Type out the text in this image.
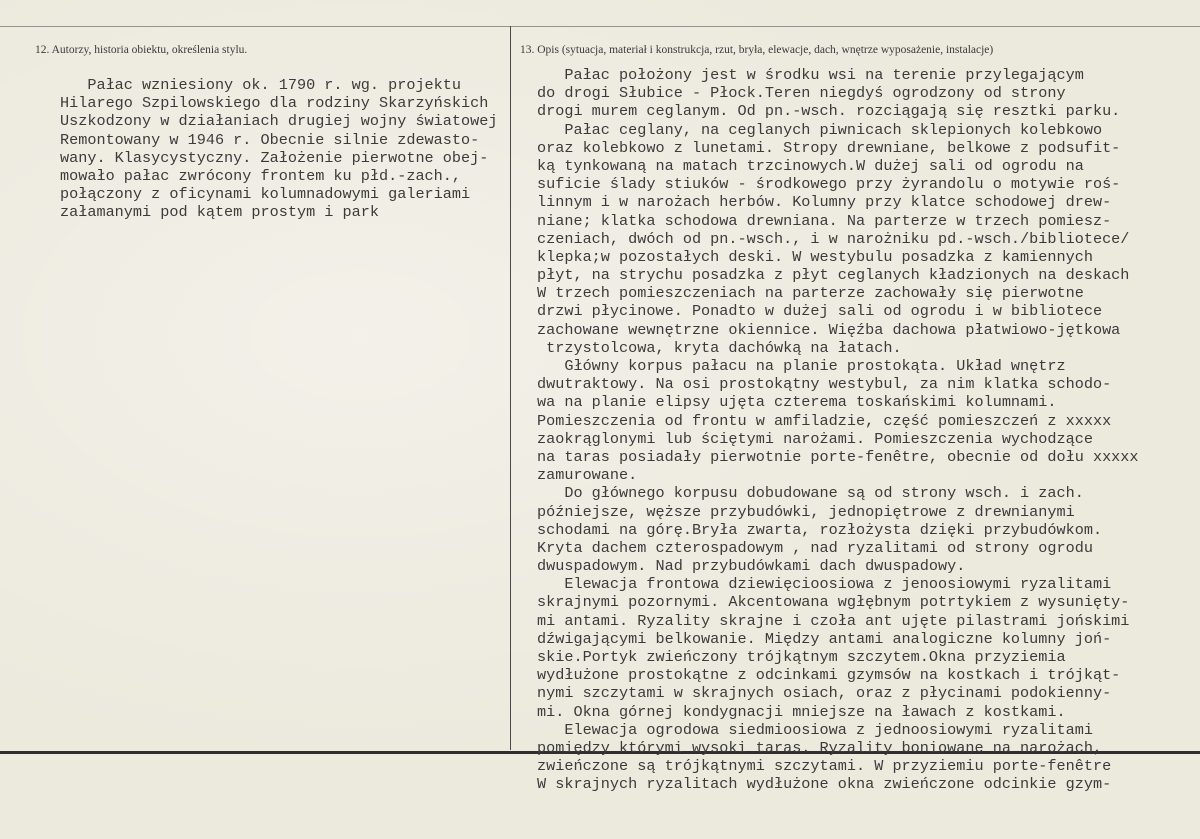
12. Autorzy, historia obiektu, określenia stylu.	13. Opis (sytuacja, materiał i konstrukcja, rzut, bryła, elewacje, dach, wnętrze wyposażenie, instalacje)
Pałac wzniesiony ok. 1790 r. wg. projektu
Hilarego Szpilowskiego dla rodziny Skarzyńskich
Uszkodzony w działaniach drugiej wojny światowej
Remontowany w 1946 r. Obecnie silnie zdewasto-
wany. Klasycystyczny. Założenie pierwotne obej-
mowało pałac zwrócony frontem ku płd.-zach.,
połączony z oficynami kolumnadowymi galeriami
załamanymi pod kątem prostym i park
Pałac położony jest w środku wsi na terenie przylegającym
do drogi Słubice - Płock.Teren niegdyś ogrodzony od strony
drogi murem ceglanym. Od pn.-wsch. rozciągają się resztki parku.
Pałac ceglany, na ceglanych piwnicach sklepionych kolebkowo
oraz kolebkowo z lunetami. Stropy drewniane, belkowe z podsufit-
ką tynkowaną na matach trzcinowych.W dużej sali od ogrodu na
suficie ślady stiuków - środkowego przy żyrandolu o motywie roś-
linnym i w narożach herbów. Kolumny przy klatce schodowej drew-
niane; klatka schodowa drewniana. Na parterze w trzech pomiesz-
czeniach, dwóch od pn.-wsch., i w narożniku pd.-wsch./bibliotece/
klepka;w pozostałych deski. W westybulu posadzka z kamiennych
płyt, na strychu posadzka z płyt ceglanych kładzionych na deskach
W trzech pomieszczeniach na parterze zachowały się pierwotne
drzwi płycinowe. Ponadto w dużej sali od ogrodu i w bibliotece
zachowane wewnętrzne okiennice. Więźba dachowa płatwiowo-jętkowa
trzystolcowa, kryta dachówką na łatach.
Główny korpus pałacu na planie prostokąta. Układ wnętrz
dwutraktowy. Na osi prostokątny westybul, za nim klatka schodo-
wa na planie elipsy ujęta czterema toskańskimi kolumnami.
Pomieszczenia od frontu w amfiladzie, część pomieszczeń z xxxxx
zaokrąglonymi lub ściętymi narożami. Pomieszczenia wychodzące
na taras posiadały pierwotnie porte-fenêtre, obecnie od dołu xxxxx
zamurowane.
Do głównego korpusu dobudowane są od strony wsch. i zach.
późniejsze, węższe przybudówki, jednopiętrowe z drewnianymi
schodami na górę.Bryła zwarta, rozłożysta dzięki przybudówkom.
Kryta dachem czterospadowym , nad ryzalitami od strony ogrodu
dwuspadowym. Nad przybudówkami dach dwuspadowy.
Elewacja frontowa dziewięcioosiowa z jenoosiowymi ryzalitami
skrajnymi pozornymi. Akcentowana wgłębnym potrtykiem z wysunięty-
mi antami. Ryzality skrajne i czoła ant ujęte pilastrami jońskimi
dźwigającymi belkowanie. Między antami analogiczne kolumny joń-
skie.Portyk zwieńczony trójkątnym szczytem.Okna przyziemia
wydłużone prostokątne z odcinkami gzymsów na kostkach i trójkąt-
nymi szczytami w skrajnych osiach, oraz z płycinami podokienny-
mi. Okna górnej kondygnacji mniejsze na ławach z kostkami.
Elewacja ogrodowa siedmioosiowa z jednoosiowymi ryzalitami
pomiędzy którymi wysoki taras. Ryzality boniowane na narożach,
zwieńczone są trójkątnymi szczytami. W przyziemiu porte-fenêtre
W skrajnych ryzalitach wydłużone okna zwieńczone odcinkie gzym-
